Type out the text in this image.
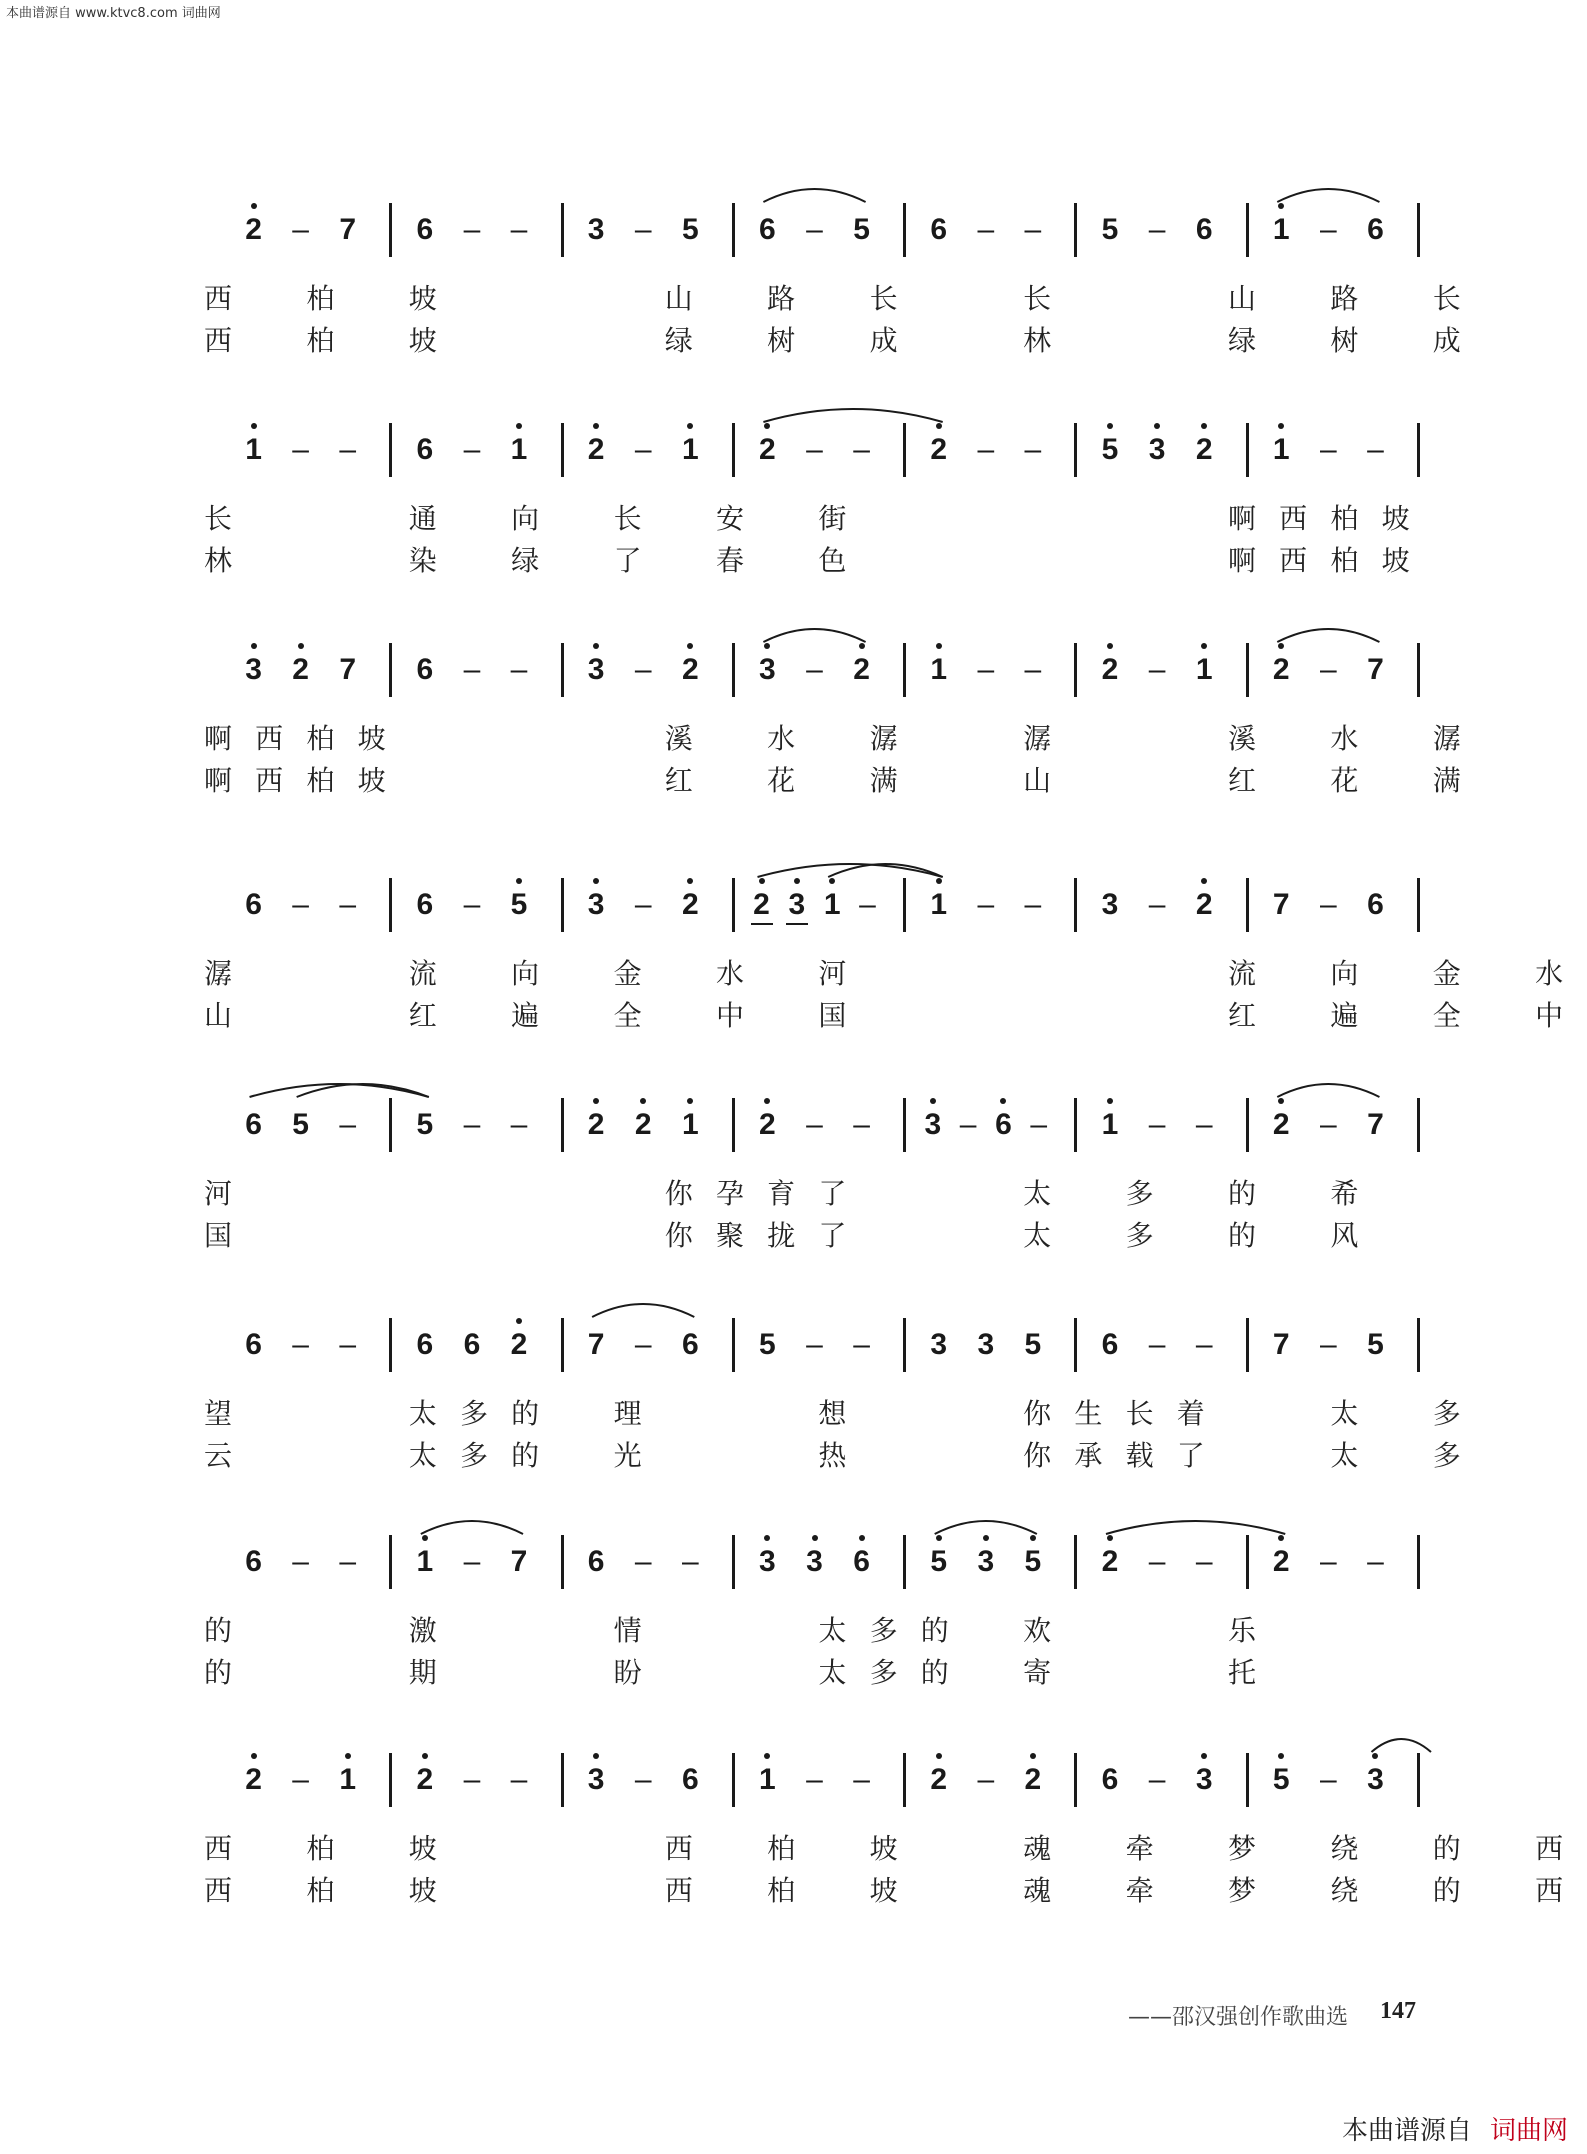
本曲谱源自 www.ktvc8.com 词曲网
2 – 7 6 – – 3 – 5 6 – 5 6 – – 5 – 6 1 – 6
西	柏	坡	山	路	长	长	山	路	长
西	柏	坡	绿	树	成	林	绿	树	成
1 – – 6 – 1 2 – 1 2 – – 2 – – 5 3 2 1 – –
长	通	向	长	安	街	啊 西 柏 坡
林	染	绿	了	春	色	啊 西 柏 坡
3 2 7 6 – – 3 – 2 3 – 2 1 – – 2 – 1 2 – 7
啊 西 柏 坡	溪	水	潺	潺	溪	水	潺
啊 西 柏 坡	红	花	满	山	红	花	满
6 – – 6 – 5 3 – 2 2 3 1 – 1 – – 3 – 2 7 – 6
潺	流	向	金	水	河	流	向	金	水
山	红	遍	全	中	国	红	遍	全	中
6 5 – 5 – – 2 2 1 2 – – 3 – 6 – 1 – – 2 – 7
河	你 孕 育 了	太	多	的	希
国	你 聚 拢 了	太	多	的	风
6 – – 6 6 2 7 – 6 5 – – 3 3 5 6 – – 7 – 5
望	太 多 的	理	想	你 生 长 着	太	多
云	太 多 的	光	热	你 承 载 了	太	多
6 – – 1 – 7 6 – – 3 3 6 5 3 5 2 – – 2 – –
的	激	情	太 多 的	欢	乐
的	期	盼	太 多 的	寄	托
2 – 1 2 – – 3 – 6 1 – – 2 – 2 6 – 3 5 – 3
西	柏	坡	西	柏	坡	魂	牵	梦	绕	的	西
西	柏	坡	西	柏	坡	魂	牵	梦	绕	的	西
——邵汉强创作歌曲选 147
本曲谱源自 词曲网
